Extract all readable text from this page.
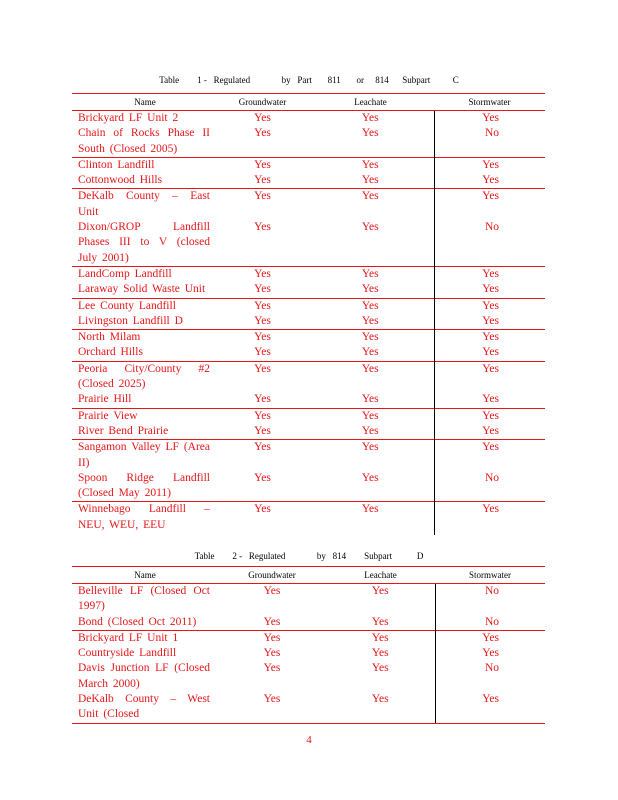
Table        1 -   Regulated              by   Part       811       or     814      Subpart          C
Name	Groundwater	Leachate	Stormwater
Brickyard LF Unit 2	Yes	Yes	Yes
Chain of Rocks Phase II South (Closed 2005)	Yes	Yes	No
Clinton Landfill	Yes	Yes	Yes
Cottonwood Hills	Yes	Yes	Yes
DeKalb County – East Unit	Yes	Yes	Yes
Dixon/GROP Landfill Phases III to V (closed July 2001)	Yes	Yes	No
LandComp Landfill	Yes	Yes	Yes
Laraway Solid Waste Unit	Yes	Yes	Yes
Lee County Landfill	Yes	Yes	Yes
Livingston Landfill D	Yes	Yes	Yes
North Milam	Yes	Yes	Yes
Orchard Hills	Yes	Yes	Yes
Peoria City/County #2 (Closed 2025)	Yes	Yes	Yes
Prairie Hill	Yes	Yes	Yes
Prairie View	Yes	Yes	Yes
River Bend Prairie	Yes	Yes	Yes
Sangamon Valley LF (Area II)	Yes	Yes	Yes
Spoon Ridge Landfill (Closed May 2011)	Yes	Yes	No
Winnebago Landfill – NEU, WEU, EEU	Yes	Yes	Yes
Table        2 -   Regulated              by   814        Subpart           D
Name	Groundwater	Leachate	Stormwater
Belleville LF (Closed Oct 1997)	Yes	Yes	No
Bond (Closed Oct 2011)	Yes	Yes	No
Brickyard LF Unit 1	Yes	Yes	Yes
Countryside Landfill	Yes	Yes	Yes
Davis Junction LF (Closed March 2000)	Yes	Yes	No
DeKalb County – West Unit (Closed	Yes	Yes	Yes
4
